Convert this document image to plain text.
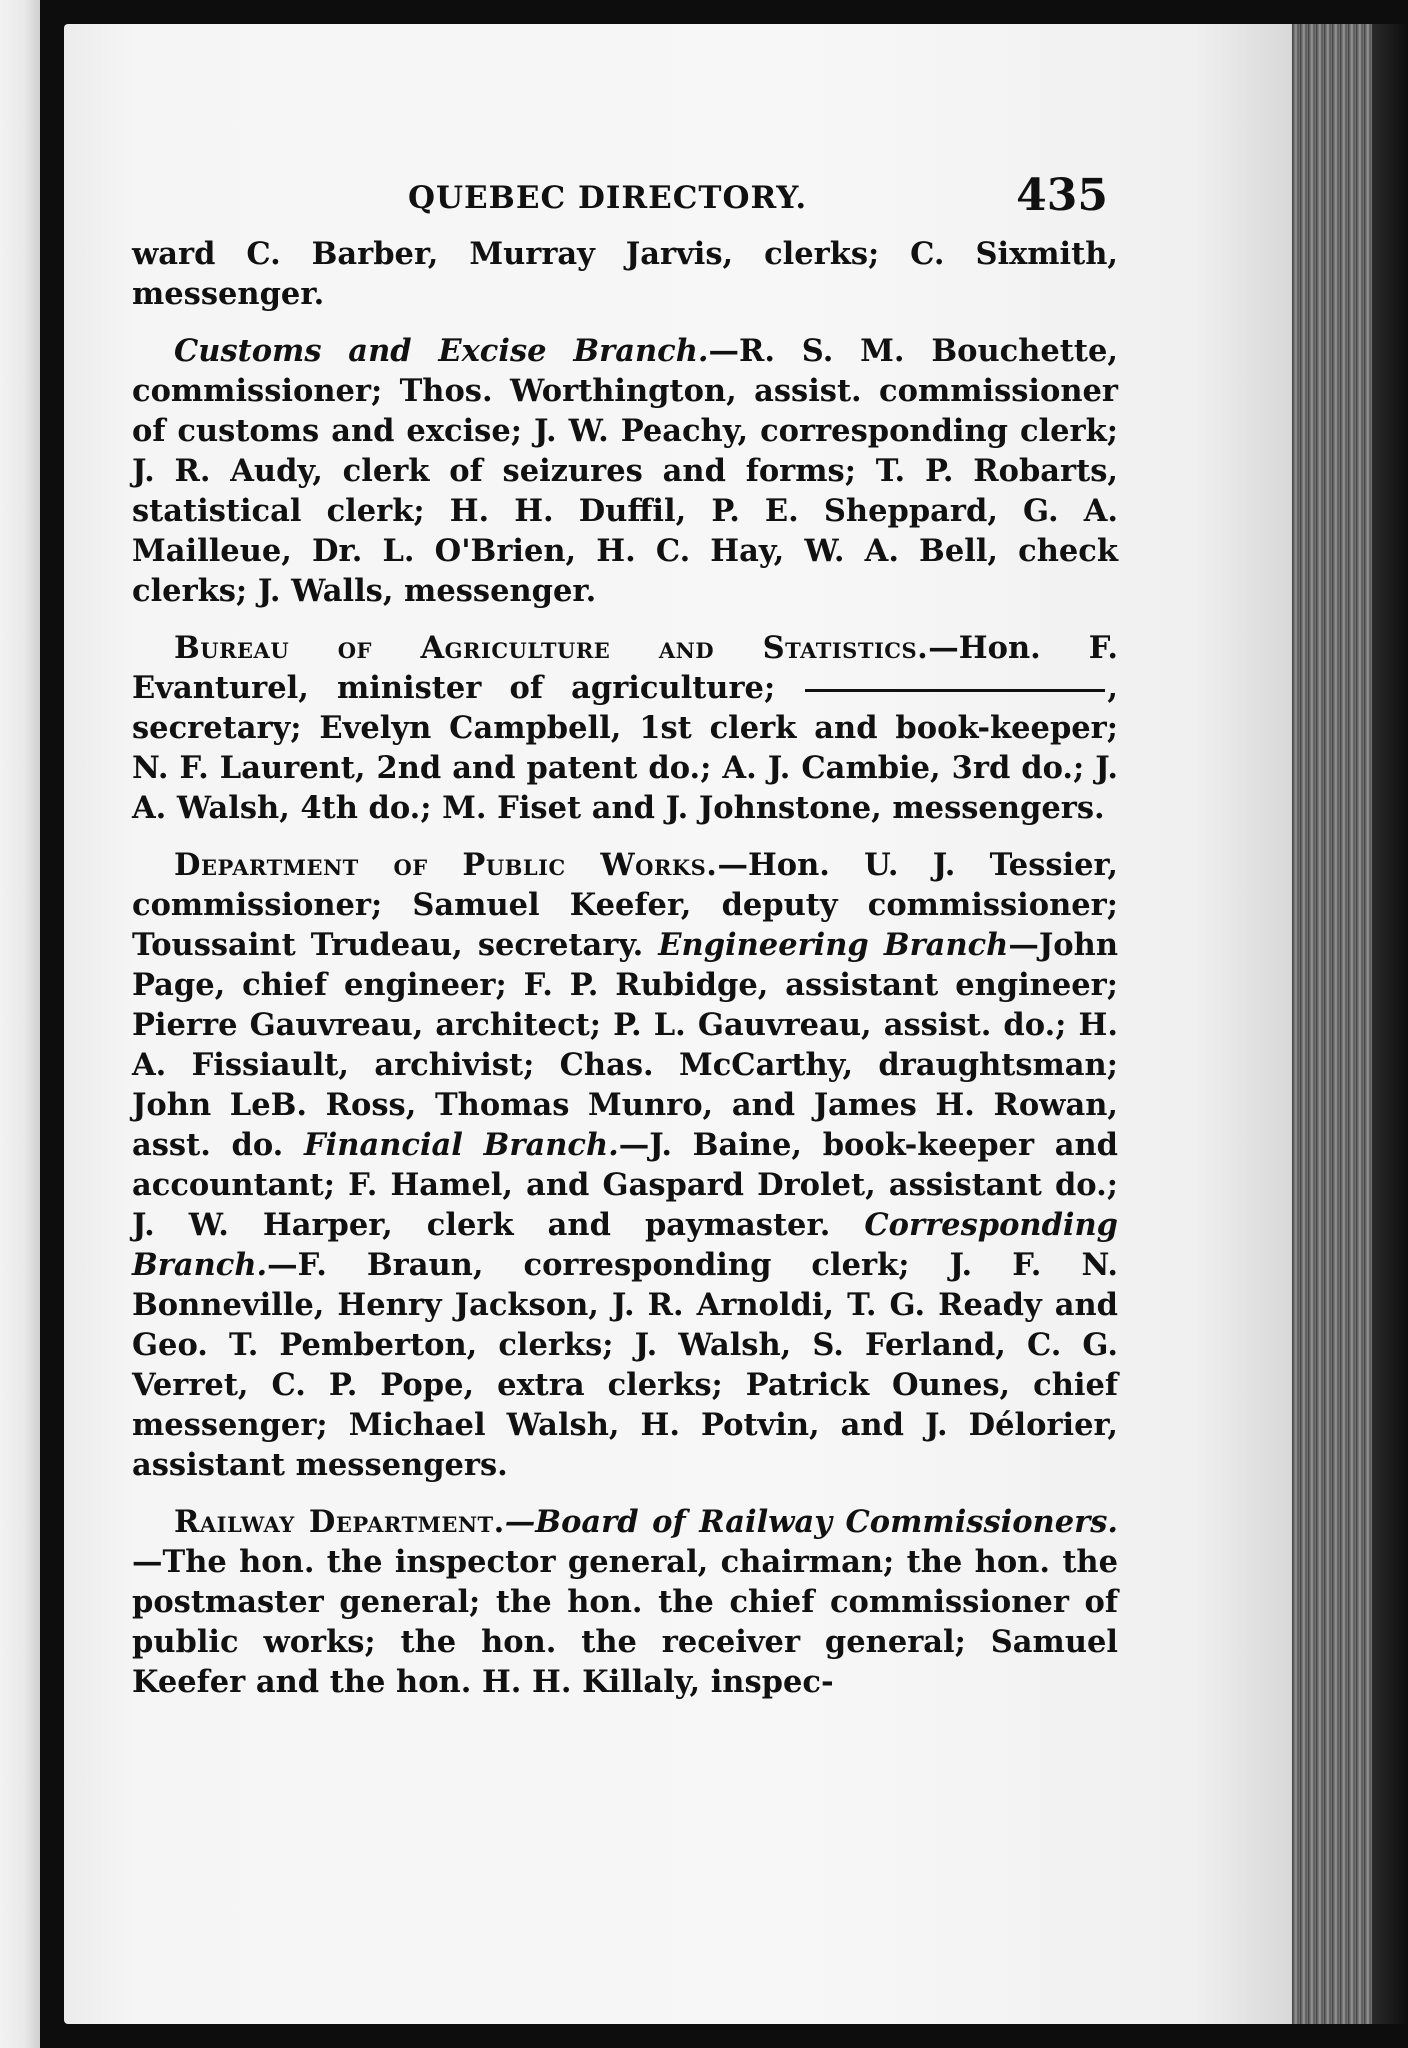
QUEBEC DIRECTORY.	435

ward C. Barber, Murray Jarvis, clerks; C. Sixmith, messenger.

Customs and Excise Branch.—R. S. M. Bouchette, commissioner; Thos. Worthington, assist. commissioner of customs and excise; J. W. Peachy, corresponding clerk; J. R. Audy, clerk of seizures and forms; T. P. Robarts, statistical clerk; H. H. Duffil, P. E. Sheppard, G. A. Mailleue, Dr. L. O'Brien, H. C. Hay, W. A. Bell, check clerks; J. Walls, messenger.

Bureau of Agriculture and Statistics.—Hon. F. Evanturel, minister of agriculture;	, secretary; Evelyn Campbell, 1st clerk and book-keeper; N. F. Laurent, 2nd and patent do.; A. J. Cambie, 3rd do.; J. A. Walsh, 4th do.; M. Fiset and J. Johnstone, messengers.

Department of Public Works.—Hon. U. J. Tessier, commissioner; Samuel Keefer, deputy commissioner; Toussaint Trudeau, secretary. Engineering Branch—John Page, chief engineer; F. P. Rubidge, assistant engineer; Pierre Gauvreau, architect; P. L. Gauvreau, assist. do.; H. A. Fissiault, archivist; Chas. McCarthy, draughtsman; John LeB. Ross, Thomas Munro, and James H. Rowan, asst. do. Financial Branch.—J. Baine, book-keeper and accountant; F. Hamel, and Gaspard Drolet, assistant do.; J. W. Harper, clerk and paymaster. Corresponding Branch.—F. Braun, corresponding clerk; J. F. N. Bonneville, Henry Jackson, J. R. Arnoldi, T. G. Ready and Geo. T. Pemberton, clerks; J. Walsh, S. Ferland, C. G. Verret, C. P. Pope, extra clerks; Patrick Ounes, chief messenger; Michael Walsh, H. Potvin, and J. Délorier, assistant messengers.

Railway Department.—Board of Railway Commissioners.—The hon. the inspector general, chairman; the hon. the postmaster general; the hon. the chief commissioner of public works; the hon. the receiver general; Samuel Keefer and the hon. H. H. Killaly, inspec-
